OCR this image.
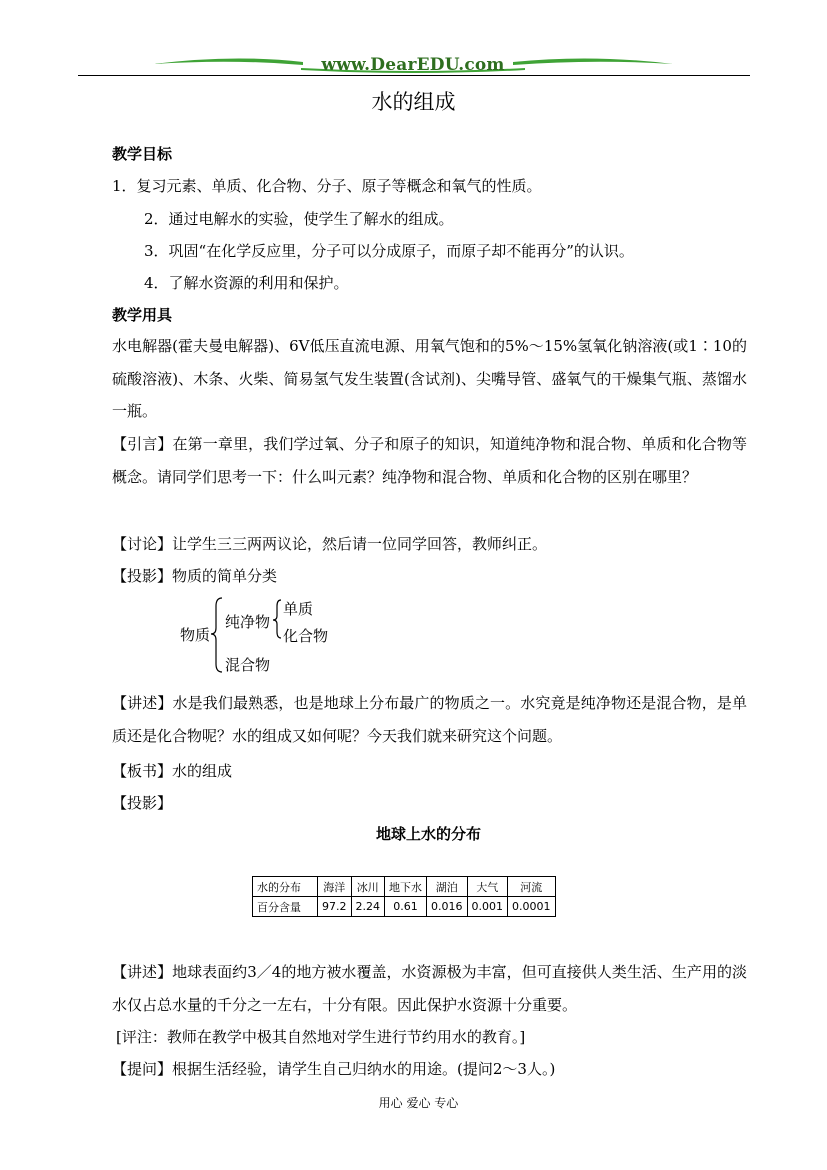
www.DearEDU.com
水的组成
教学目标
1．复习元素、单质、化合物、分子、原子等概念和氧气的性质。
2．通过电解水的实验，使学生了解水的组成。
3．巩固“在化学反应里，分子可以分成原子，而原子却不能再分”的认识。
4．了解水资源的利用和保护。
教学用具
水电解器(霍夫曼电解器)、6V低压直流电源、用氧气饱和的5%～15%氢氧化钠溶液(或1∶10的硫酸溶液)、木条、火柴、简易氢气发生装置(含试剂)、尖嘴导管、盛氧气的干燥集气瓶、蒸馏水一瓶。
【引言】在第一章里，我们学过氧、分子和原子的知识，知道纯净物和混合物、单质和化合物等概念。请同学们思考一下：什么叫元素？纯净物和混合物、单质和化合物的区别在哪里？
【讨论】让学生三三两两议论，然后请一位同学回答，教师纠正。
【投影】物质的简单分类
物质
纯净物
单质
化合物
混合物
【讲述】水是我们最熟悉，也是地球上分布最广的物质之一。水究竟是纯净物还是混合物，是单质还是化合物呢？水的组成又如何呢？今天我们就来研究这个问题。
【板书】水的组成
【投影】
地球上水的分布
水的分布	海洋	冰川	地下水	湖泊	大气	河流
百分含量	97.2	2.24	0.61	0.016	0.001	0.0001
【讲述】地球表面约3／4的地方被水覆盖，水资源极为丰富，但可直接供人类生活、生产用的淡水仅占总水量的千分之一左右，十分有限。因此保护水资源十分重要。
[评注：教师在教学中极其自然地对学生进行节约用水的教育。]
【提问】根据生活经验，请学生自己归纳水的用途。(提问2～3人。)
用心 爱心 专心
